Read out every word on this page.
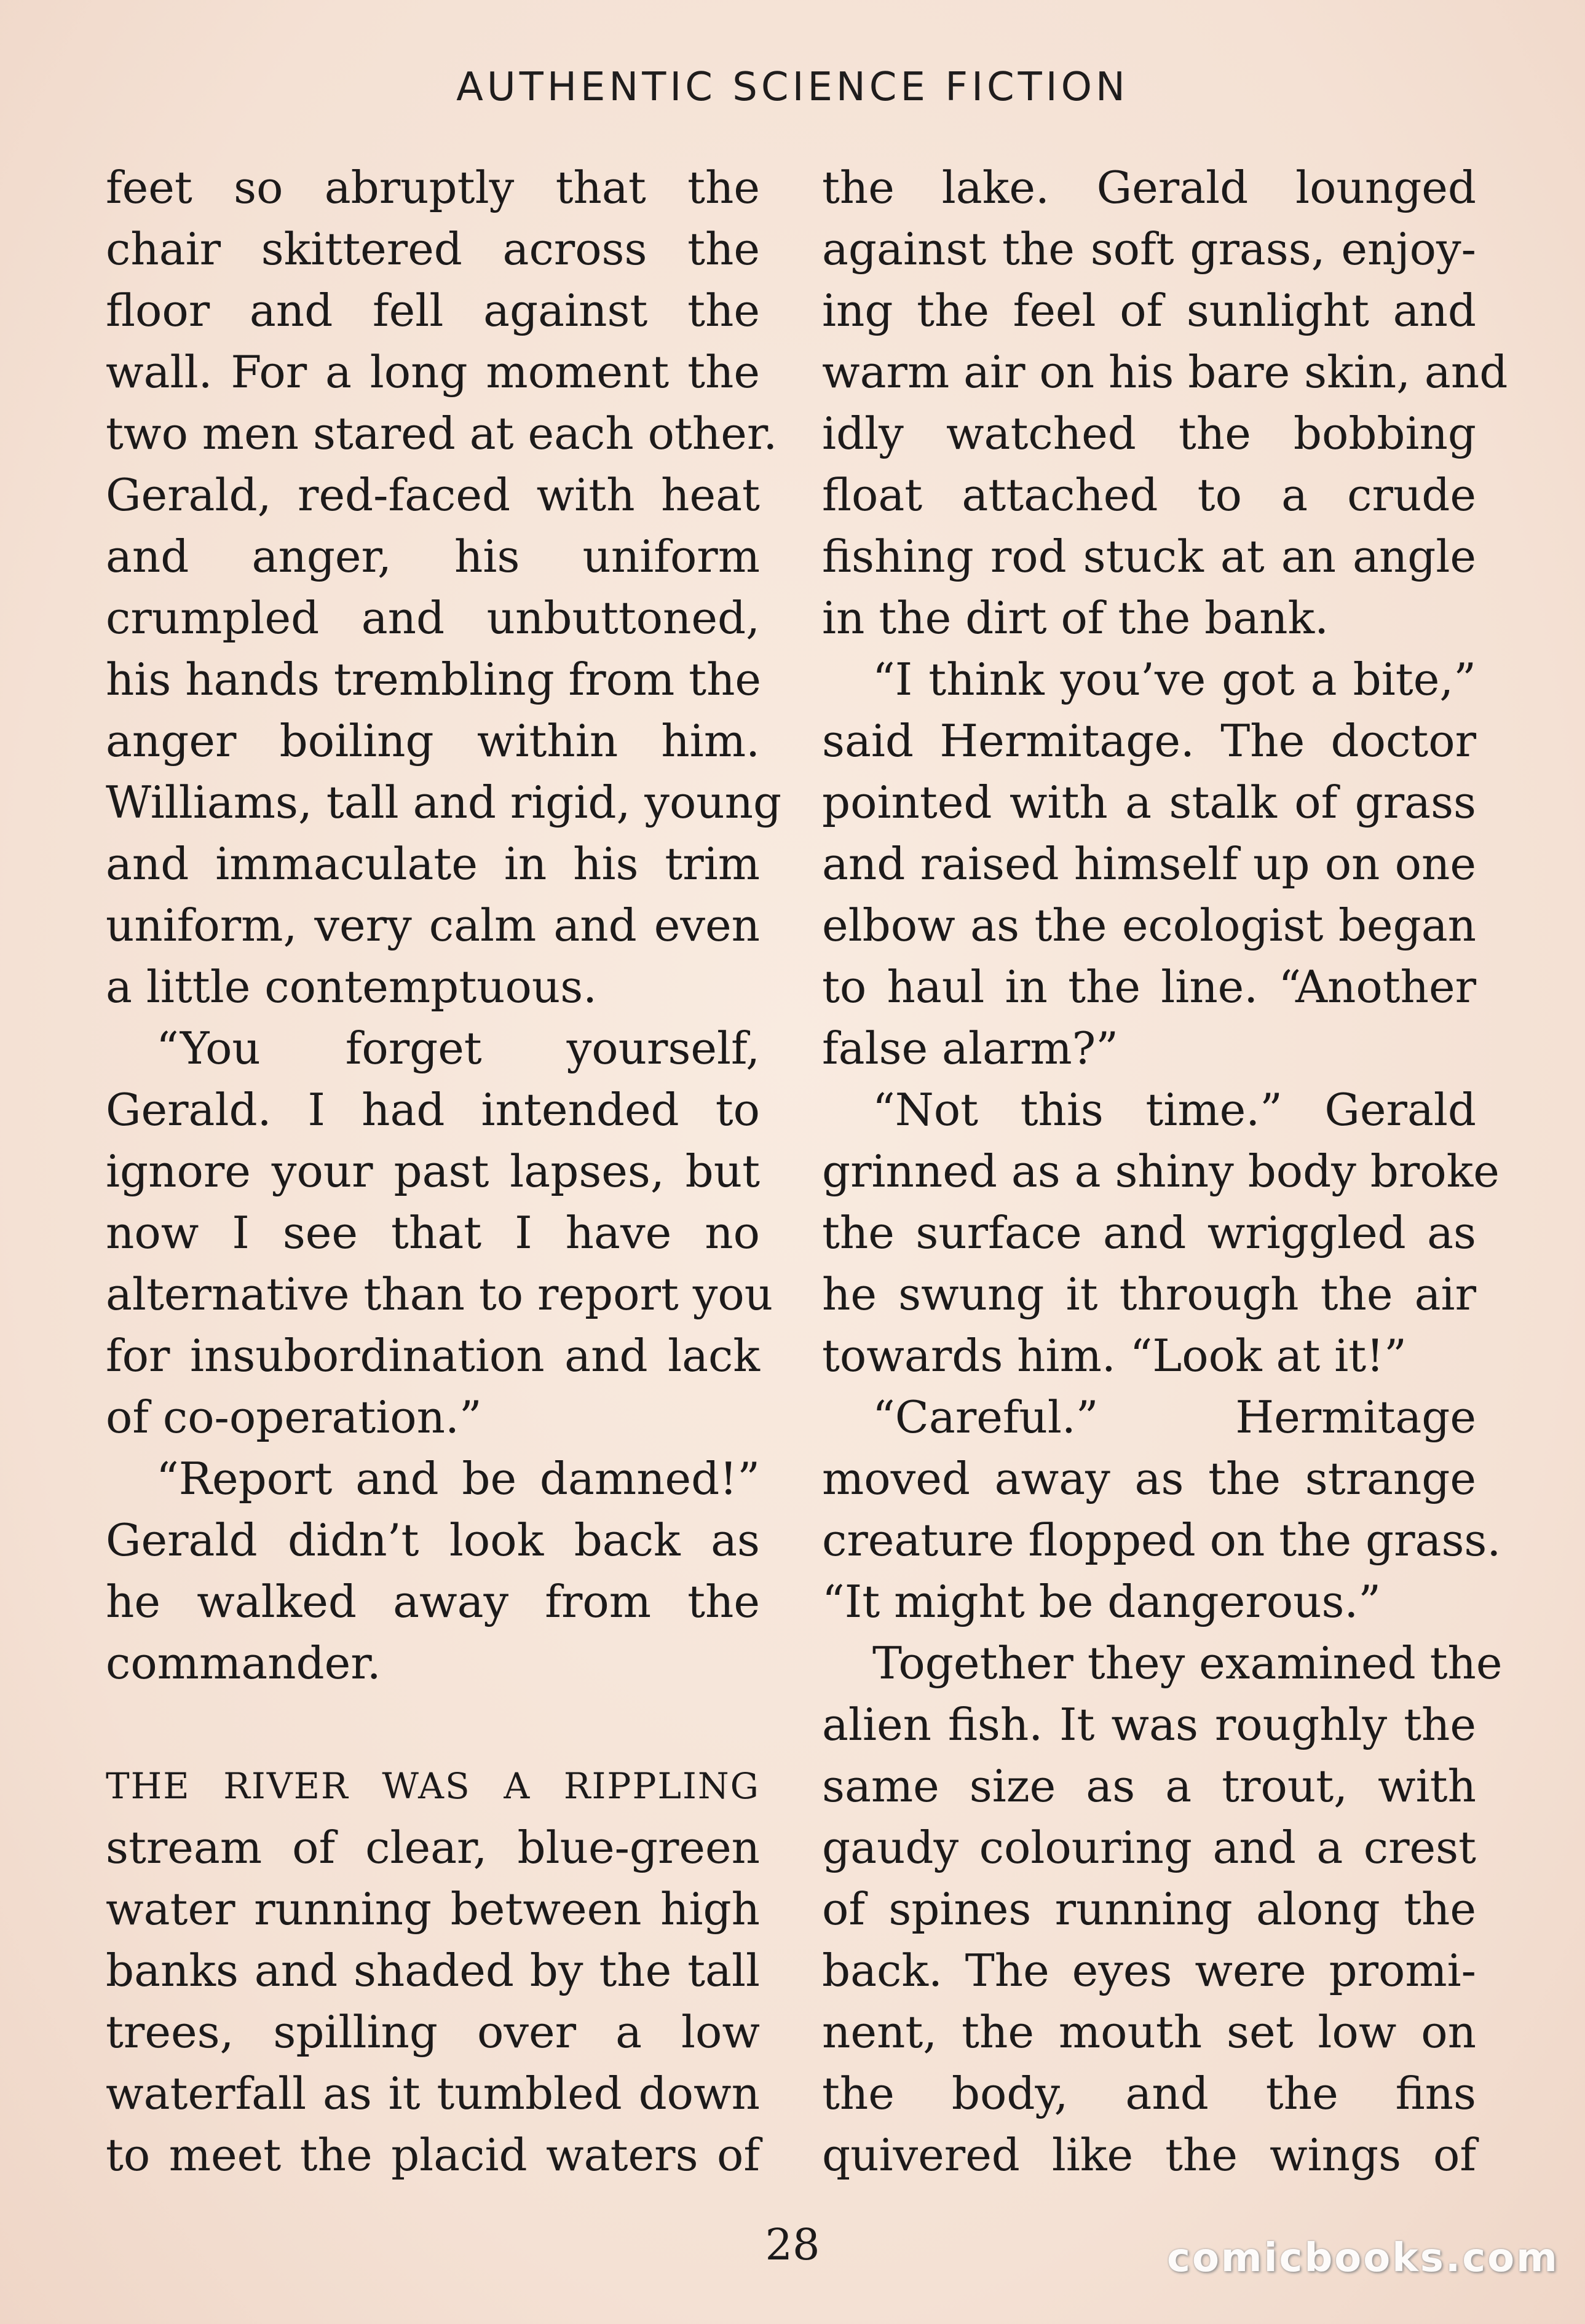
AUTHENTIC SCIENCE FICTION
feet so abruptly that the
chair skittered across the
floor and fell against the
wall. For a long moment the
two men stared at each other.
Gerald, red-faced with heat
and anger, his uniform
crumpled and unbuttoned,
his hands trembling from the
anger boiling within him.
Williams, tall and rigid, young
and immaculate in his trim
uniform, very calm and even
a little contemptuous.
“You forget yourself,
Gerald. I had intended to
ignore your past lapses, but
now I see that I have no
alternative than to report you
for insubordination and lack
of co-operation.”
“Report and be damned!”
Gerald didn’t look back as
he walked away from the
commander.
THE RIVER WAS A RIPPLING
stream of clear, blue-green
water running between high
banks and shaded by the tall
trees, spilling over a low
waterfall as it tumbled down
to meet the placid waters of
the lake. Gerald lounged
against the soft grass, enjoy-
ing the feel of sunlight and
warm air on his bare skin, and
idly watched the bobbing
float attached to a crude
fishing rod stuck at an angle
in the dirt of the bank.
“I think you’ve got a bite,”
said Hermitage. The doctor
pointed with a stalk of grass
and raised himself up on one
elbow as the ecologist began
to haul in the line. “Another
false alarm?”
“Not this time.” Gerald
grinned as a shiny body broke
the surface and wriggled as
he swung it through the air
towards him. “Look at it!”
“Careful.” Hermitage
moved away as the strange
creature flopped on the grass.
“It might be dangerous.”
Together they examined the
alien fish. It was roughly the
same size as a trout, with
gaudy colouring and a crest
of spines running along the
back. The eyes were promi-
nent, the mouth set low on
the body, and the fins
quivered like the wings of
28	comicbooks.com
